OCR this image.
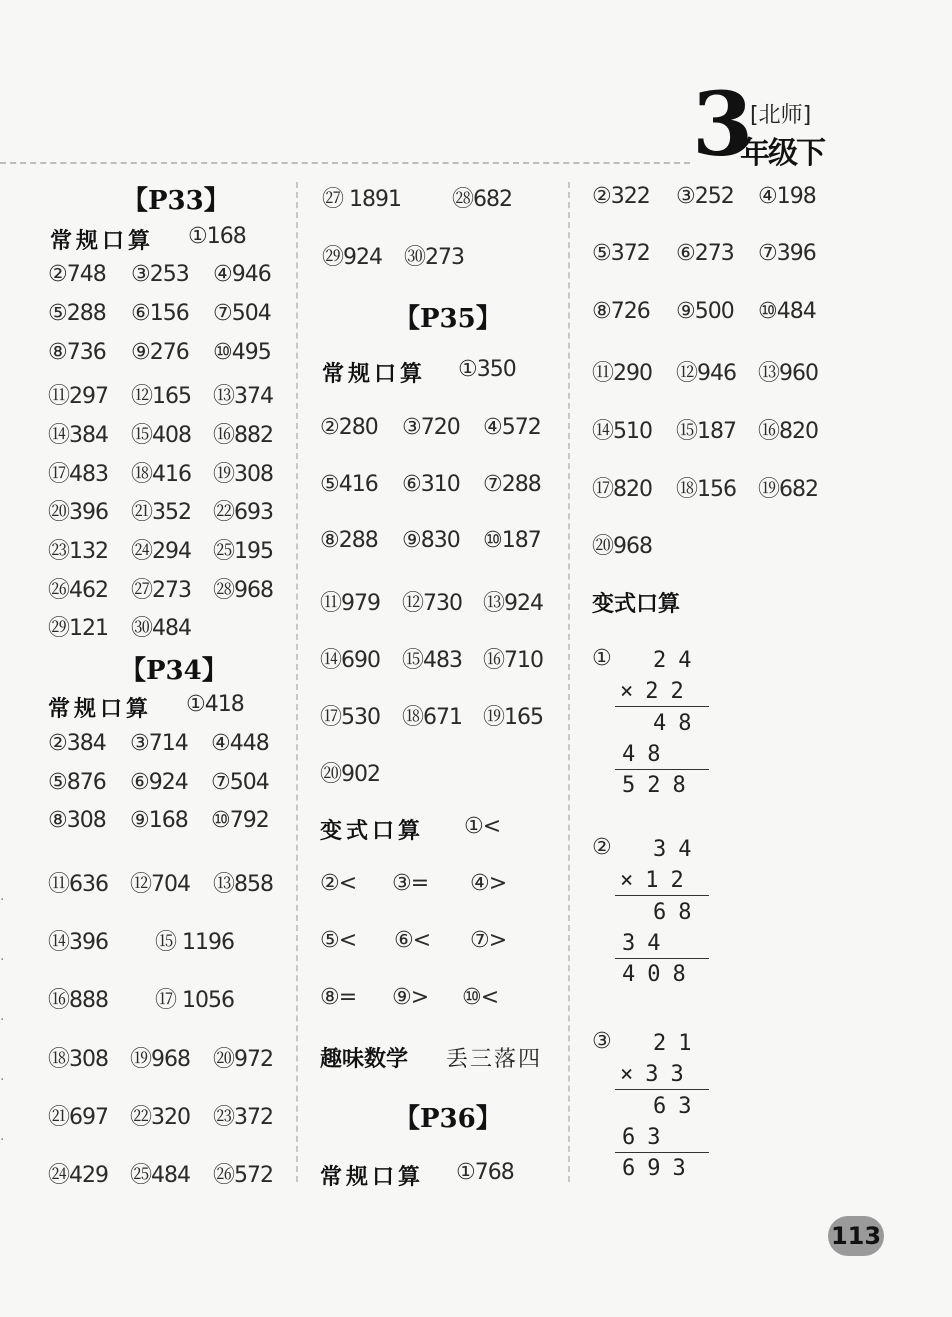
·
·
·
·
·
3
[北师]
年级下
【P33】
常规口算 ①168
②748 ③253 ④946
⑤288 ⑥156 ⑦504
⑧736 ⑨276 ⑩495
⑪297 ⑫165 ⑬374
⑭384 ⑮408 ⑯882
⑰483 ⑱416 ⑲308
⑳396 ㉑352 ㉒693
㉓132 ㉔294 ㉕195
㉖462 ㉗273 ㉘968
㉙121 ㉚484
【P34】
常规口算 ①418
②384 ③714 ④448
⑤876 ⑥924 ⑦504
⑧308 ⑨168 ⑩792
⑪636 ⑫704 ⑬858
⑭396 ⑮ 1196
⑯888 ⑰ 1056
⑱308 ⑲968 ⑳972
㉑697 ㉒320 ㉓372
㉔429 ㉕484 ㉖572
㉗ 1891 ㉘682
㉙924 ㉚273
【P35】
常规口算 ①350
②280 ③720 ④572
⑤416 ⑥310 ⑦288
⑧288 ⑨830 ⑩187
⑪979 ⑫730 ⑬924
⑭690 ⑮483 ⑯710
⑰530 ⑱671 ⑲165
⑳902
变式口算 ①<
②< ③= ④>
⑤< ⑥< ⑦>
⑧= ⑨> ⑩<
趣味数学 丢三落四
【P36】
常规口算 ①768
②322 ③252 ④198
⑤372 ⑥273 ⑦396
⑧726 ⑨500 ⑩484
⑪290 ⑫946 ⑬960
⑭510 ⑮187 ⑯820
⑰820 ⑱156 ⑲682
⑳968
变式口算
① 24
×22
48
48
528
② 34
×12
68
34
408
③ 21
×33
63
63
693
113
